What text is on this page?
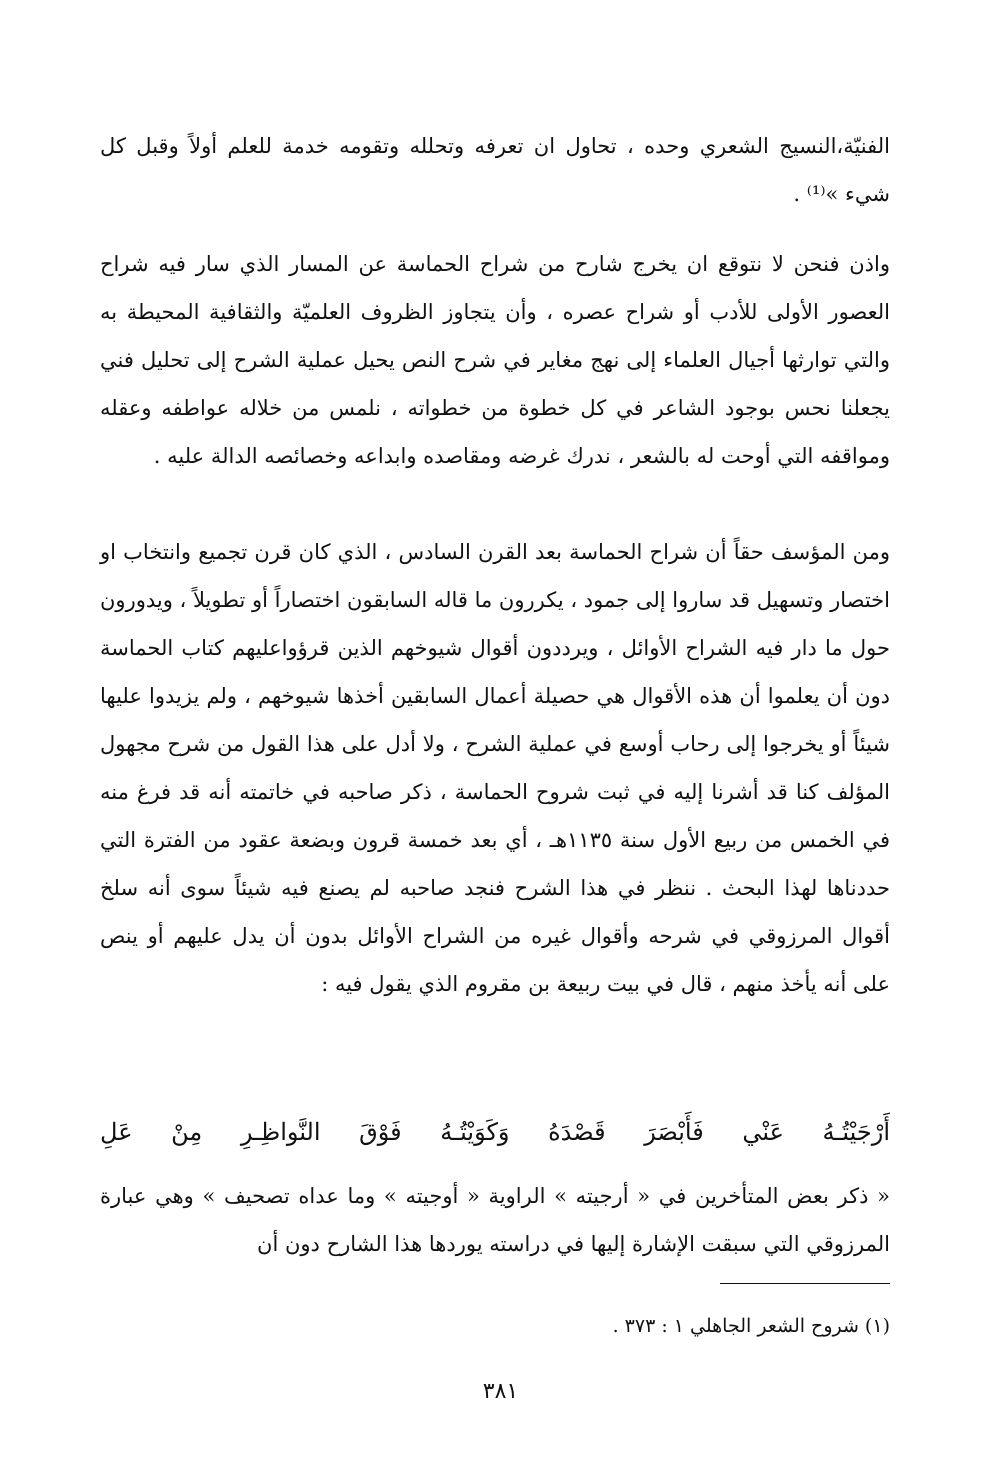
الفنيّة،النسيج الشعري وحده ، تحاول ان تعرفه وتحلله وتقومه خدمة للعلم أولاً وقبل كل شيء »⁽¹⁾ .

واذن فنحن لا نتوقع ان يخرج شارح من شراح الحماسة عن المسار الذي سار فيه شراح العصور الأولى للأدب أو شراح عصره ، وأن يتجاوز الظروف العلميّة والثقافية المحيطة به والتي توارثها أجيال العلماء إلى نهج مغاير في شرح النص يحيل عملية الشرح إلى تحليل فني يجعلنا نحس بوجود الشاعر في كل خطوة من خطواته ، نلمس من خلاله عواطفه وعقله ومواقفه التي أوحت له بالشعر ، ندرك غرضه ومقاصده وابداعه وخصائصه الدالة عليه .

ومن المؤسف حقاً أن شراح الحماسة بعد القرن السادس ، الذي كان قرن تجميع وانتخاب او اختصار وتسهيل قد ساروا إلى جمود ، يكررون ما قاله السابقون اختصاراً أو تطويلاً ، ويدورون حول ما دار فيه الشراح الأوائل ، ويرددون أقوال شيوخهم الذين قرؤواعليهم كتاب الحماسة دون أن يعلموا أن هذه الأقوال هي حصيلة أعمال السابقين أخذها شيوخهم ، ولم يزيدوا عليها شيئاً أو يخرجوا إلى رحاب أوسع في عملية الشرح ، ولا أدل على هذا القول من شرح مجهول المؤلف كنا قد أشرنا إليه في ثبت شروح الحماسة ، ذكر صاحبه في خاتمته أنه قد فرغ منه في الخمس من ربيع الأول سنة ١١٣٥هـ ، أي بعد خمسة قرون وبضعة عقود من الفترة التي حددناها لهذا البحث . ننظر في هذا الشرح فنجد صاحبه لم يصنع فيه شيئاً سوى أنه سلخ أقوال المرزوقي في شرحه وأقوال غيره من الشراح الأوائل بدون أن يدل عليهم أو ينص على أنه يأخذ منهم ، قال في بيت ربيعة بن مقروم الذي يقول فيه :

أَرْجَيْتُـهُ
عَنْي
فَأَبْصَرَ
قَصْدَهُ
وَكَوَيْتُـهُ
فَوْقَ
النَّواظِـرِ
مِنْ
عَلِ

« ذكر بعض المتأخرين في « أرجيته » الراوية « أوجيته » وما عداه تصحيف » وهي عبارة المرزوقي التي سبقت الإشارة إليها في دراسته يوردها هذا الشارح دون أن

(١) شروح الشعر الجاهلي ١ : ٣٧٣ .
٣٨١
